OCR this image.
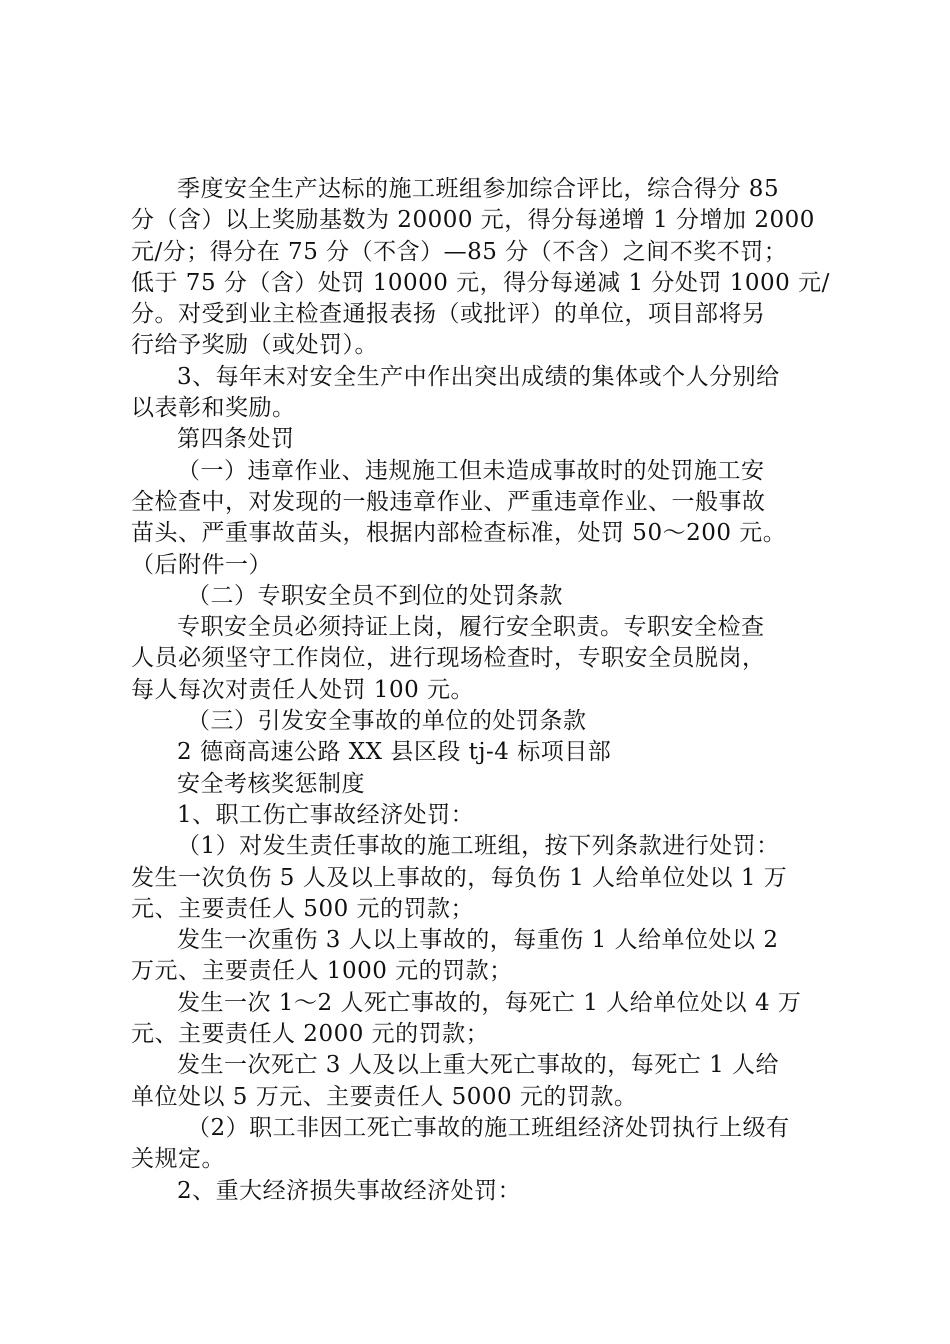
季度安全生产达标的施工班组参加综合评比，综合得分 85
分（含）以上奖励基数为 20000 元，得分每递增 1 分增加 2000
元/分；得分在 75 分（不含）—85 分（不含）之间不奖不罚；
低于 75 分（含）处罚 10000 元，得分每递减 1 分处罚 1000 元/
分。对受到业主检查通报表扬（或批评）的单位，项目部将另
行给予奖励（或处罚）。
3、每年末对安全生产中作出突出成绩的集体或个人分别给
以表彰和奖励。
第四条处罚
（一）违章作业、违规施工但未造成事故时的处罚施工安
全检查中，对发现的一般违章作业、严重违章作业、一般事故
苗头、严重事故苗头，根据内部检查标准，处罚 50～200 元。
（后附件一）
（二）专职安全员不到位的处罚条款
专职安全员必须持证上岗，履行安全职责。专职安全检查
人员必须坚守工作岗位，进行现场检查时，专职安全员脱岗，
每人每次对责任人处罚 100 元。
（三）引发安全事故的单位的处罚条款
2 德商高速公路 XX 县区段 tj-4 标项目部
安全考核奖惩制度
1、职工伤亡事故经济处罚：
（1）对发生责任事故的施工班组，按下列条款进行处罚：
发生一次负伤 5 人及以上事故的，每负伤 1 人给单位处以 1 万
元、主要责任人 500 元的罚款；
发生一次重伤 3 人以上事故的，每重伤 1 人给单位处以 2
万元、主要责任人 1000 元的罚款；
发生一次 1～2 人死亡事故的，每死亡 1 人给单位处以 4 万
元、主要责任人 2000 元的罚款；
发生一次死亡 3 人及以上重大死亡事故的，每死亡 1 人给
单位处以 5 万元、主要责任人 5000 元的罚款。
（2）职工非因工死亡事故的施工班组经济处罚执行上级有
关规定。
2、重大经济损失事故经济处罚：
